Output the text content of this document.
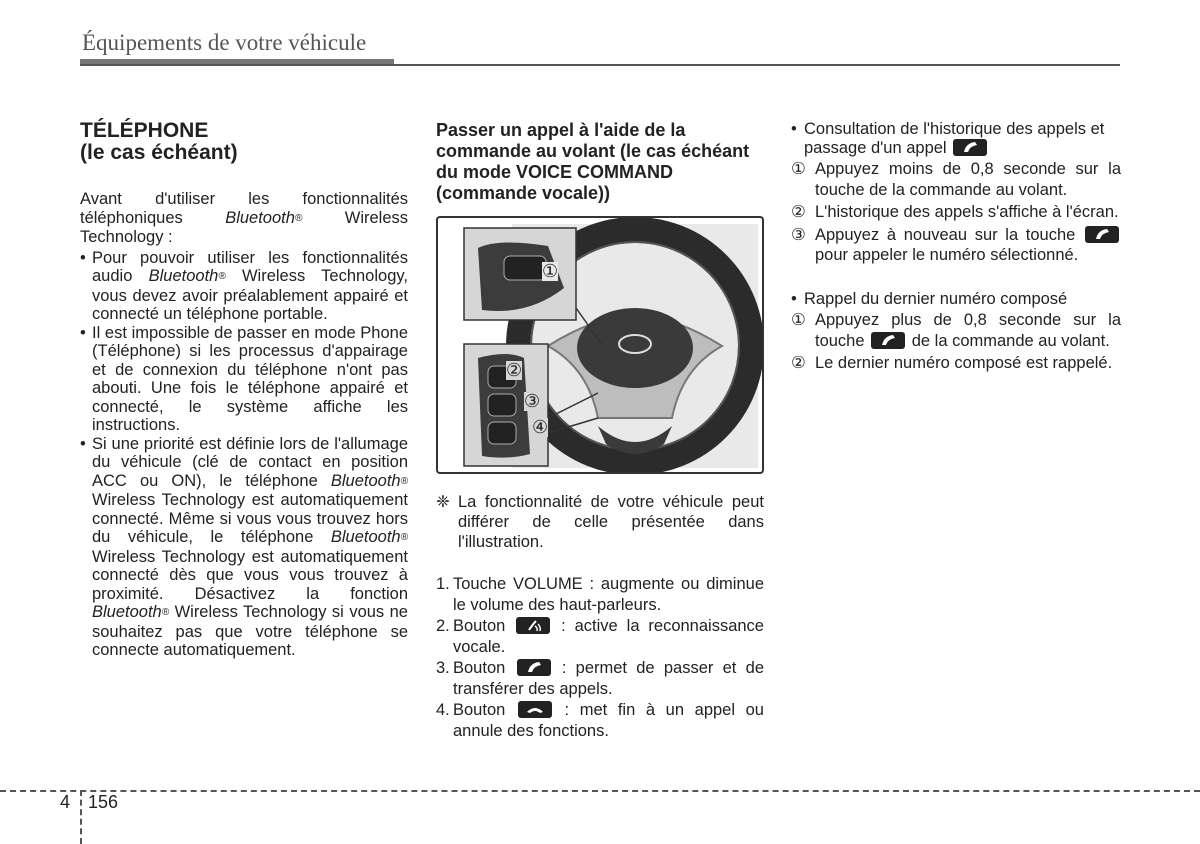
Équipements de votre véhicule
TÉLÉPHONE
(le cas échéant)
Avant d'utiliser les fonctionnalités téléphoniques	Bluetooth® Wireless Technology :
• Pour pouvoir utiliser les fonctionnalités audio Bluetooth® Wireless Technology, vous devez avoir préalablement appairé et connecté un téléphone portable.
• Il est impossible de passer en mode Phone (Téléphone) si les processus d'appairage et de connexion du téléphone n'ont pas abouti. Une fois le téléphone appairé et connecté, le système affiche les instructions.
• Si une priorité est définie lors de l'allumage du véhicule (clé de contact en position ACC ou ON), le téléphone Bluetooth® Wireless Technology est automatiquement connecté. Même si vous vous trouvez hors du véhicule, le téléphone Bluetooth® Wireless Technology est automatiquement connecté dès que vous vous trouvez à proximité. Désactivez la fonction Bluetooth® Wireless Technology si vous ne souhaitez pas que votre téléphone se connecte automatiquement.
Passer un appel à l'aide de la commande au volant (le cas échéant du mode VOICE COMMAND (commande vocale))
①
②
③
④
❈ La fonctionnalité de votre véhicule peut différer de celle présentée dans l'illustration.
1. Touche VOLUME : augmente ou diminue le volume des haut-parleurs.
2. Bouton
: active la reconnaissance vocale.
3. Bouton
: permet de passer et de transférer des appels.
4. Bouton
: met fin à un appel ou annule des fonctions.
• Consultation de l'historique des appels et passage d'un appel
① Appuyez moins de 0,8 seconde sur la touche de la commande au volant.
② L'historique des appels s'affiche à l'écran.
③ Appuyez à nouveau sur la touche
pour appeler le numéro sélectionné.
• Rappel du dernier numéro composé
① Appuyez plus de 0,8 seconde sur la touche	de la commande au volant.
② Le dernier numéro composé est rappelé.
4 156
